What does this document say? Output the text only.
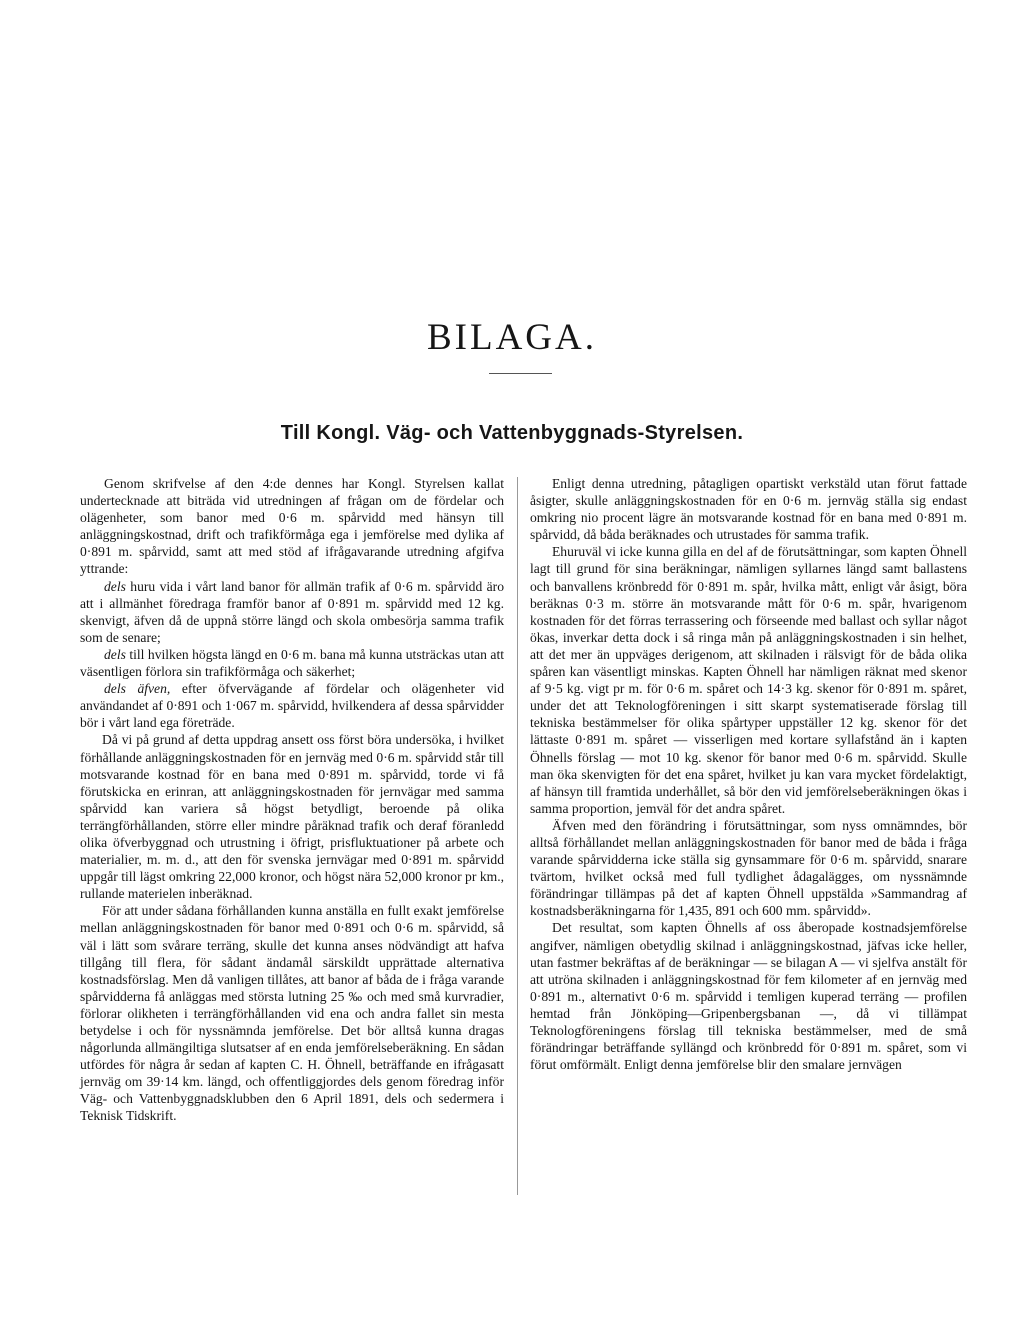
BILAGA.
Till Kongl. Väg- och Vattenbyggnads-Styrelsen.

Genom skrifvelse af den 4:de dennes har Kongl. Styrelsen kallat undertecknade att biträda vid utredningen af frågan om de fördelar och olägenheter, som banor med 0·6 m. spårvidd med hänsyn till anläggningskostnad, drift och trafikförmåga ega i jemförelse med dylika af 0·891 m. spårvidd, samt att med stöd af ifrågavarande utredning afgifva yttrande:

dels huru vida i vårt land banor för allmän trafik af 0·6 m. spårvidd äro att i allmänhet föredraga framför banor af 0·891 m. spårvidd med 12 kg. skenvigt, äfven då de uppnå större längd och skola ombesörja samma trafik som de senare;

dels till hvilken högsta längd en 0·6 m. bana må kunna utsträckas utan att väsentligen förlora sin trafikförmåga och säkerhet;

dels äfven, efter öfvervägande af fördelar och olägenheter vid användandet af 0·891 och 1·067 m. spårvidd, hvilkendera af dessa spårvidder bör i vårt land ega företräde.

Då vi på grund af detta uppdrag ansett oss först böra undersöka, i hvilket förhållande anläggningskostnaden för en jernväg med 0·6 m. spårvidd står till motsvarande kostnad för en bana med 0·891 m. spårvidd, torde vi få förutskicka en erinran, att anläggningskostnaden för jernvägar med samma spårvidd kan variera så högst betydligt, beroende på olika terrängförhållanden, större eller mindre påräknad trafik och deraf föranledd olika öfverbyggnad och utrustning i öfrigt, prisfluktuationer på arbete och materialier, m. m. d., att den för svenska jernvägar med 0·891 m. spårvidd uppgår till lägst omkring 22,000 kronor, och högst nära 52,000 kronor pr km., rullande materielen inberäknad.

För att under sådana förhållanden kunna anställa en fullt exakt jemförelse mellan anläggningskostnaden för banor med 0·891 och 0·6 m. spårvidd, så väl i lätt som svårare terräng, skulle det kunna anses nödvändigt att hafva tillgång till flera, för sådant ändamål särskildt upprättade alternativa kostnadsförslag. Men då vanligen tillåtes, att banor af båda de i fråga varande spårvidderna få anläggas med största lutning 25 ‰ och med små kurvradier, förlorar olikheten i terrängförhållanden vid ena och andra fallet sin mesta betydelse i och för nyssnämnda jemförelse. Det bör alltså kunna dragas någorlunda allmängiltiga slutsatser af en enda jemförelseberäkning. En sådan utfördes för några år sedan af kapten C. H. Öhnell, beträffande en ifrågasatt jernväg om 39·14 km. längd, och offentliggjordes dels genom föredrag inför Väg- och Vattenbyggnadsklubben den 6 April 1891, dels och sedermera i Teknisk Tidskrift.

Enligt denna utredning, påtagligen opartiskt verkstäld utan förut fattade åsigter, skulle anläggningskostnaden för en 0·6 m. jernväg ställa sig endast omkring nio procent lägre än motsvarande kostnad för en bana med 0·891 m. spårvidd, då båda beräknades och utrustades för samma trafik.

Ehuruväl vi icke kunna gilla en del af de förutsättningar, som kapten Öhnell lagt till grund för sina beräkningar, nämligen syllarnes längd samt ballastens och banvallens krönbredd för 0·891 m. spår, hvilka mått, enligt vår åsigt, böra beräknas 0·3 m. större än motsvarande mått för 0·6 m. spår, hvarigenom kostnaden för det förras terrassering och förseende med ballast och syllar något ökas, inverkar detta dock i så ringa mån på anläggningskostnaden i sin helhet, att det mer än uppväges derigenom, att skilnaden i rälsvigt för de båda olika spåren kan väsentligt minskas. Kapten Öhnell har nämligen räknat med skenor af 9·5 kg. vigt pr m. för 0·6 m. spåret och 14·3 kg. skenor för 0·891 m. spåret, under det att Teknologföreningen i sitt skarpt systematiserade förslag till tekniska bestämmelser för olika spårtyper uppställer 12 kg. skenor för det lättaste 0·891 m. spåret — visserligen med kortare syllafstånd än i kapten Öhnells förslag — mot 10 kg. skenor för banor med 0·6 m. spårvidd. Skulle man öka skenvigten för det ena spåret, hvilket ju kan vara mycket fördelaktigt, af hänsyn till framtida underhållet, så bör den vid jemförelseberäkningen ökas i samma proportion, jemväl för det andra spåret.

Äfven med den förändring i förutsättningar, som nyss omnämndes, bör alltså förhållandet mellan anläggningskostnaden för banor med de båda i fråga varande spårvidderna icke ställa sig gynsammare för 0·6 m. spårvidd, snarare tvärtom, hvilket också med full tydlighet ådagalägges, om nyssnämnde förändringar tillämpas på det af kapten Öhnell uppstälda »Sammandrag af kostnadsberäkningarna för 1,435, 891 och 600 mm. spårvidd».

Det resultat, som kapten Öhnells af oss åberopade kostnadsjemförelse angifver, nämligen obetydlig skilnad i anläggningskostnad, jäfvas icke heller, utan fastmer bekräftas af de beräkningar — se bilagan A — vi sjelfva anstält för att utröna skilnaden i anläggningskostnad för fem kilometer af en jernväg med 0·891 m., alternativt 0·6 m. spårvidd i temligen kuperad terräng — profilen hemtad från Jönköping—Gripenbergsbanan —, då vi tillämpat Teknologföreningens förslag till tekniska bestämmelser, med de små förändringar beträffande syllängd och krönbredd för 0·891 m. spåret, som vi förut omförmält. Enligt denna jemförelse blir den smalare jernvägen
